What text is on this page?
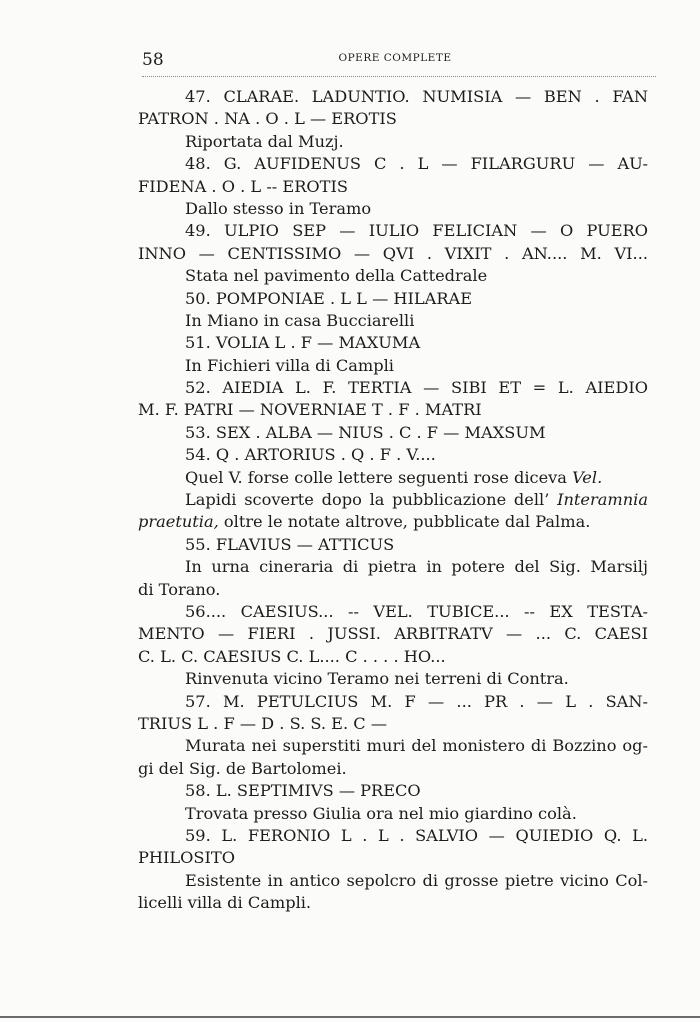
58	OPERE COMPLETE
47. CLARAE. LADUNTIO. NUMISIA — BEN . FAN
PATRON . NA . O . L — EROTIS
Riportata dal Muzj.
48. G. AUFIDENUS C . L — FILARGURU — AU-
FIDENA . O . L -- EROTIS
Dallo stesso in Teramo
49. ULPIO SEP — IULIO FELICIAN — O PUERO
INNO — CENTISSIMO — QVI . VIXIT . AN.... M. VI...
Stata nel pavimento della Cattedrale
50. POMPONIAE . L L — HILARAE
In Miano in casa Bucciarelli
51. VOLIA L . F — MAXUMA
In Fichieri villa di Campli
52. AIEDIA L. F. TERTIA — SIBI ET = L. AIEDIO
M. F. PATRI — NOVERNIAE T . F . MATRI
53. SEX . ALBA — NIUS . C . F — MAXSUM
54. Q . ARTORIUS . Q . F . V....
Quel V. forse colle lettere seguenti rose diceva Vel.
Lapidi scoverte dopo la pubblicazione dell’ Interamnia
praetutia, oltre le notate altrove, pubblicate dal Palma.
55. FLAVIUS — ATTICUS
In urna cineraria di pietra in potere del Sig. Marsilj
di Torano.
56.... CAESIUS... -- VEL. TUBICE... -- EX TESTA-
MENTO — FIERI . JUSSI. ARBITRATV — ... C. CAESI
C. L. C. CAESIUS C. L.... C . . . . HO...
Rinvenuta vicino Teramo nei terreni di Contra.
57. M. PETULCIUS M. F — ... PR . — L . SAN-
TRIUS L . F — D . S. S. E. C —
Murata nei superstiti muri del monistero di Bozzino og-
gi del Sig. de Bartolomei.
58. L. SEPTIMIVS — PRECO
Trovata presso Giulia ora nel mio giardino colà.
59. L. FERONIO L . L . SALVIO — QUIEDIO Q. L.
PHILOSITO
Esistente in antico sepolcro di grosse pietre vicino Col-
licelli villa di Campli.
